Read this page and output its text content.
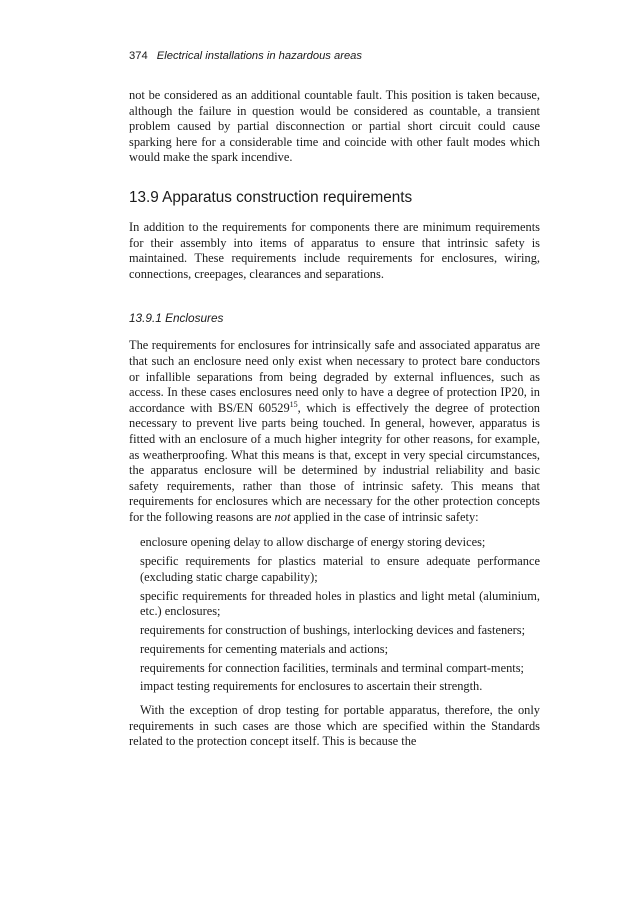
374 Electrical installations in hazardous areas

not be considered as an additional countable fault. This position is taken because, although the failure in question would be considered as countable, a transient problem caused by partial disconnection or partial short circuit could cause sparking here for a considerable time and coincide with other fault modes which would make the spark incendive.

13.9 Apparatus construction requirements

In addition to the requirements for components there are minimum requirements for their assembly into items of apparatus to ensure that intrinsic safety is maintained. These requirements include requirements for enclosures, wiring, connections, creepages, clearances and separations.

13.9.1 Enclosures

The requirements for enclosures for intrinsically safe and associated apparatus are that such an enclosure need only exist when necessary to protect bare conductors or infallible separations from being degraded by external influences, such as access. In these cases enclosures need only to have a degree of protection IP20, in accordance with BS/EN 60529$^{15}$, which is effectively the degree of protection necessary to prevent live parts being touched. In general, however, apparatus is fitted with an enclosure of a much higher integrity for other reasons, for example, as weatherproofing. What this means is that, except in very special circumstances, the apparatus enclosure will be determined by industrial reliability and basic safety requirements, rather than those of intrinsic safety. This means that requirements for enclosures which are necessary for the other protection concepts for the following reasons are not applied in the case of intrinsic safety:

enclosure opening delay to allow discharge of energy storing devices;
specific requirements for plastics material to ensure adequate performance (excluding static charge capability);
specific requirements for threaded holes in plastics and light metal (aluminium, etc.) enclosures;
requirements for construction of bushings, interlocking devices and fasteners;
requirements for cementing materials and actions;
requirements for connection facilities, terminals and terminal compart-ments;
impact testing requirements for enclosures to ascertain their strength.

With the exception of drop testing for portable apparatus, therefore, the only requirements in such cases are those which are specified within the Standards related to the protection concept itself. This is because the
